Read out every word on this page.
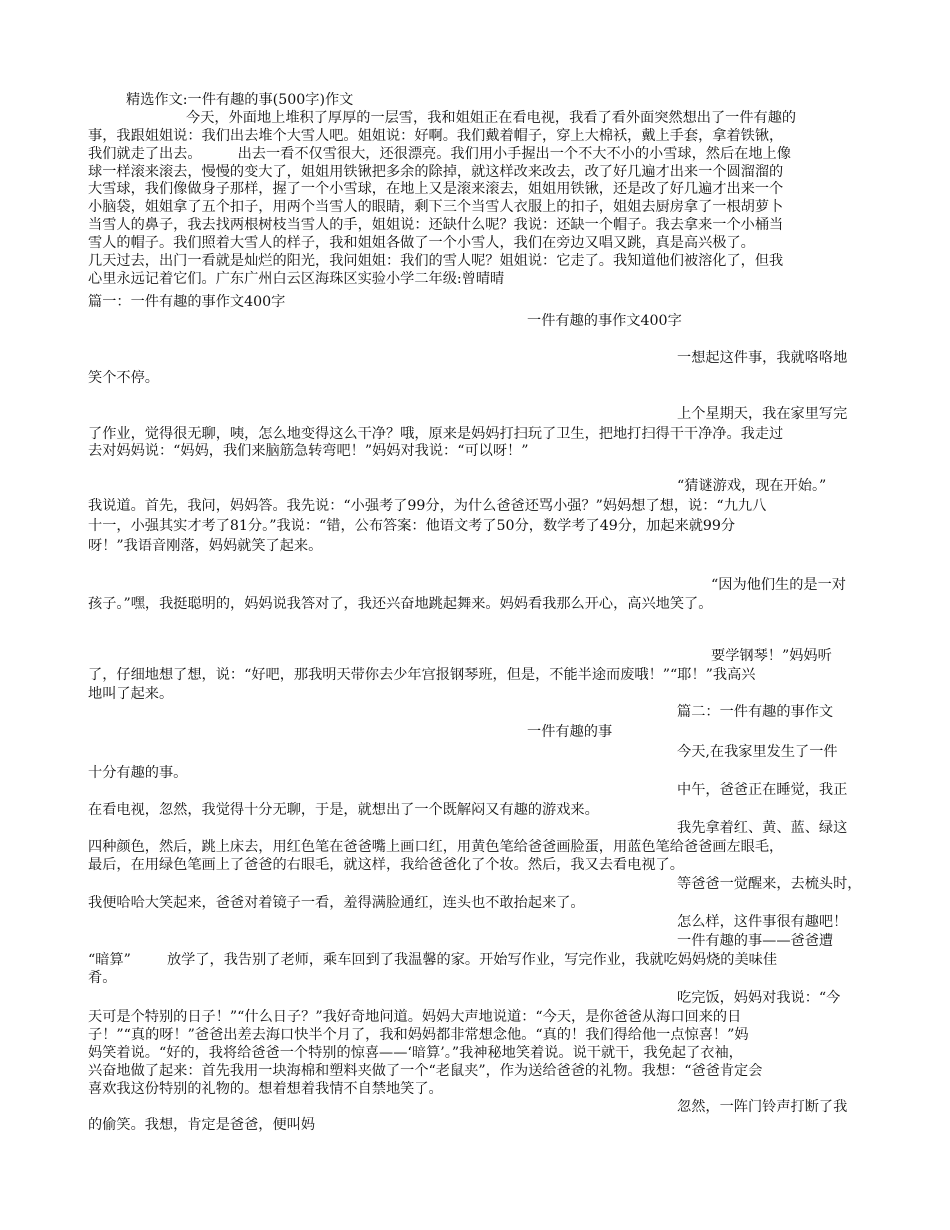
精选作文:一件有趣的事(500字)作文
今天，外面地上堆积了厚厚的一层雪，我和姐姐正在看电视，我看了看外面突然想出了一件有趣的
事，我跟姐姐说：我们出去堆个大雪人吧。姐姐说：好啊。我们戴着帽子，穿上大棉袄，戴上手套，拿着铁锹，
我们就走了出去。        出去一看不仅雪很大，还很漂亮。我们用小手握出一个不大不小的小雪球，然后在地上像
球一样滚来滚去，慢慢的变大了，姐姐用铁锹把多余的除掉，就这样改来改去，改了好几遍才出来一个圆溜溜的
大雪球，我们像做身子那样，握了一个小雪球，在地上又是滚来滚去，姐姐用铁锹，还是改了好几遍才出来一个
小脑袋，姐姐拿了五个扣子，用两个当雪人的眼睛，剩下三个当雪人衣服上的扣子，姐姐去厨房拿了一根胡萝卜
当雪人的鼻子，我去找两根树枝当雪人的手，姐姐说：还缺什么呢？我说：还缺一个帽子。我去拿来一个小桶当
雪人的帽子。我们照着大雪人的样子，我和姐姐各做了一个小雪人，我们在旁边又唱又跳，真是高兴极了。
几天过去，出门一看就是灿烂的阳光，我问姐姐：我们的雪人呢？姐姐说：它走了。我知道他们被溶化了，但我
心里永远记着它们。广东广州白云区海珠区实验小学二年级:曾晴晴
篇一：一件有趣的事作文400字
一件有趣的事作文400字
一想起这件事，我就咯咯地
笑个不停。
上个星期天，我在家里写完
了作业，觉得很无聊，咦，怎么地变得这么干净？哦，原来是妈妈打扫玩了卫生，把地打扫得干干净净。我走过
去对妈妈说：“妈妈，我们来脑筋急转弯吧！”妈妈对我说：“可以呀！”
“猜谜游戏，现在开始。”
我说道。首先，我问，妈妈答。我先说：“小强考了99分，为什么爸爸还骂小强？”妈妈想了想，说：“九九八
十一，小强其实才考了81分。”我说：“错，公布答案：他语文考了50分，数学考了49分，加起来就99分
呀！”我语音刚落，妈妈就笑了起来。
“因为他们生的是一对
孩子。”嘿，我挺聪明的，妈妈说我答对了，我还兴奋地跳起舞来。妈妈看我那么开心，高兴地笑了。
要学钢琴！”妈妈听
了，仔细地想了想，说：“好吧，那我明天带你去少年宫报钢琴班，但是，不能半途而废哦！”“耶！”我高兴
地叫了起来。
篇二：一件有趣的事作文
一件有趣的事
今天,在我家里发生了一件
十分有趣的事。
中午，爸爸正在睡觉，我正
在看电视，忽然，我觉得十分无聊，于是，就想出了一个既解闷又有趣的游戏来。
我先拿着红、黄、蓝、绿这
四种颜色，然后，跳上床去，用红色笔在爸爸嘴上画口红，用黄色笔给爸爸画脸蛋，用蓝色笔给爸爸画左眼毛，
最后，在用绿色笔画上了爸爸的右眼毛，就这样，我给爸爸化了个妆。然后，我又去看电视了。
等爸爸一觉醒来，去梳头时，
我便哈哈大笑起来，爸爸对着镜子一看，羞得满脸通红，连头也不敢抬起来了。
怎么样，这件事很有趣吧！
一件有趣的事——爸爸遭
“暗算”        放学了，我告别了老师，乘车回到了我温馨的家。开始写作业，写完作业，我就吃妈妈烧的美味佳
肴。
吃完饭，妈妈对我说：“今
天可是个特别的日子！”“什么日子？”我好奇地问道。妈妈大声地说道：“今天，是你爸爸从海口回来的日
子！”“真的呀！”爸爸出差去海口快半个月了，我和妈妈都非常想念他。“真的！我们得给他一点惊喜！”妈
妈笑着说。“好的，我将给爸爸一个特别的惊喜——‘暗算’。”我神秘地笑着说。说干就干，我免起了衣袖，
兴奋地做了起来：首先我用一块海棉和塑料夹做了一个“老鼠夹”，作为送给爸爸的礼物。我想：“爸爸肯定会
喜欢我这份特别的礼物的。想着想着我情不自禁地笑了。
忽然，一阵门铃声打断了我
的偷笑。我想，肯定是爸爸，便叫妈
